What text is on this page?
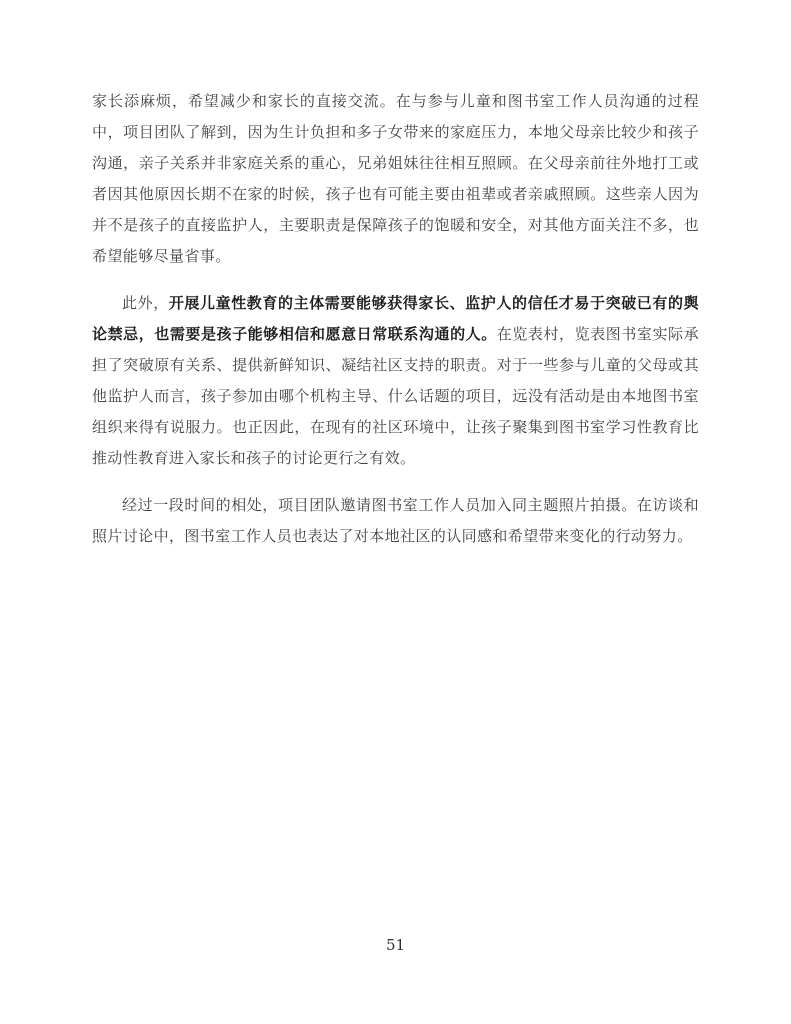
家长添麻烦，希望减少和家长的直接交流。在与参与儿童和图书室工作人员沟通的过程中，项目团队了解到，因为生计负担和多子女带来的家庭压力，本地父母亲比较少和孩子沟通，亲子关系并非家庭关系的重心，兄弟姐妹往往相互照顾。在父母亲前往外地打工或者因其他原因长期不在家的时候，孩子也有可能主要由祖辈或者亲戚照顾。这些亲人因为并不是孩子的直接监护人，主要职责是保障孩子的饱暖和安全，对其他方面关注不多，也希望能够尽量省事。

此外，开展儿童性教育的主体需要能够获得家长、监护人的信任才易于突破已有的舆论禁忌，也需要是孩子能够相信和愿意日常联系沟通的人。在览表村，览表图书室实际承担了突破原有关系、提供新鲜知识、凝结社区支持的职责。对于一些参与儿童的父母或其他监护人而言，孩子参加由哪个机构主导、什么话题的项目，远没有活动是由本地图书室组织来得有说服力。也正因此，在现有的社区环境中，让孩子聚集到图书室学习性教育比推动性教育进入家长和孩子的讨论更行之有效。

经过一段时间的相处，项目团队邀请图书室工作人员加入同主题照片拍摄。在访谈和照片讨论中，图书室工作人员也表达了对本地社区的认同感和希望带来变化的行动努力。

51
